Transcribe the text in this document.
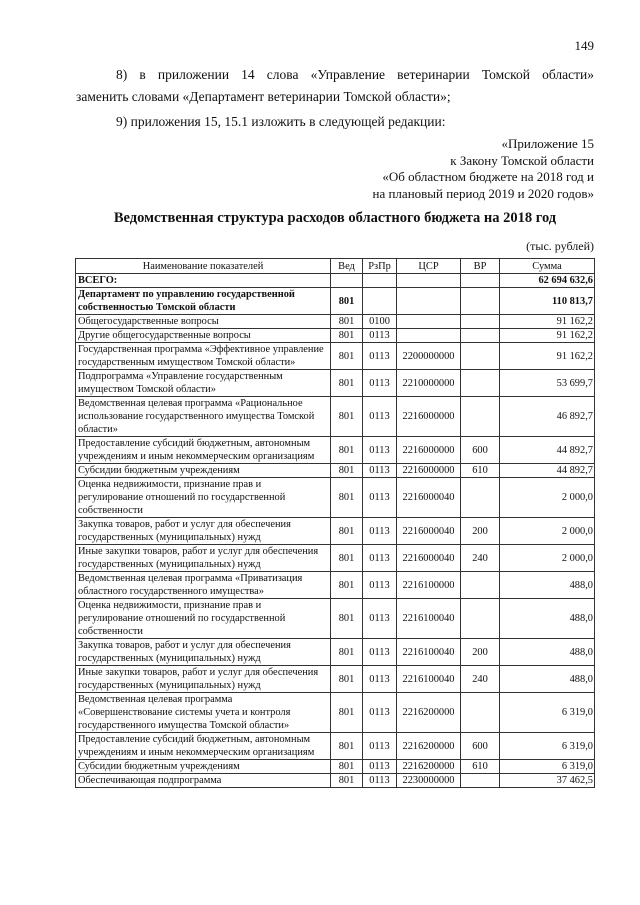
149
8) в приложении 14 слова «Управление ветеринарии Томской области»
заменить словами «Департамент ветеринарии Томской области»;
9) приложения 15, 15.1 изложить в следующей редакции:
«Приложение 15
к Закону Томской области
«Об областном бюджете на 2018 год и
на плановый период 2019 и 2020 годов»
Ведомственная структура расходов областного бюджета на 2018 год
(тыс. рублей)
Наименование показателей	Вед	РзПр	ЦСР	ВР	Сумма
ВСЕГО:					62 694 632,6
Департамент по управлению государственной собственностью Томской области	801				110 813,7
Общегосударственные вопросы	801	0100			91 162,2
Другие общегосударственные вопросы	801	0113			91 162,2
Государственная программа «Эффективное управление государственным имуществом Томской области»	801	0113	2200000000		91 162,2
Подпрограмма «Управление государственным имуществом Томской области»	801	0113	2210000000		53 699,7
Ведомственная целевая программа «Рациональное использование государственного имущества Томской области»	801	0113	2216000000		46 892,7
Предоставление субсидий бюджетным, автономным учреждениям и иным некоммерческим организациям	801	0113	2216000000	600	44 892,7
Субсидии бюджетным учреждениям	801	0113	2216000000	610	44 892,7
Оценка недвижимости, признание прав и регулирование отношений по государственной собственности	801	0113	2216000040		2 000,0
Закупка товаров, работ и услуг для обеспечения государственных (муниципальных) нужд	801	0113	2216000040	200	2 000,0
Иные закупки товаров, работ и услуг для обеспечения государственных (муниципальных) нужд	801	0113	2216000040	240	2 000,0
Ведомственная целевая программа «Приватизация областного государственного имущества»	801	0113	2216100000		488,0
Оценка недвижимости, признание прав и регулирование отношений по государственной собственности	801	0113	2216100040		488,0
Закупка товаров, работ и услуг для обеспечения государственных (муниципальных) нужд	801	0113	2216100040	200	488,0
Иные закупки товаров, работ и услуг для обеспечения государственных (муниципальных) нужд	801	0113	2216100040	240	488,0
Ведомственная целевая программа «Совершенствование системы учета и контроля государственного имущества Томской области»	801	0113	2216200000		6 319,0
Предоставление субсидий бюджетным, автономным учреждениям и иным некоммерческим организациям	801	0113	2216200000	600	6 319,0
Субсидии бюджетным учреждениям	801	0113	2216200000	610	6 319,0
Обеспечивающая подпрограмма	801	0113	2230000000		37 462,5
